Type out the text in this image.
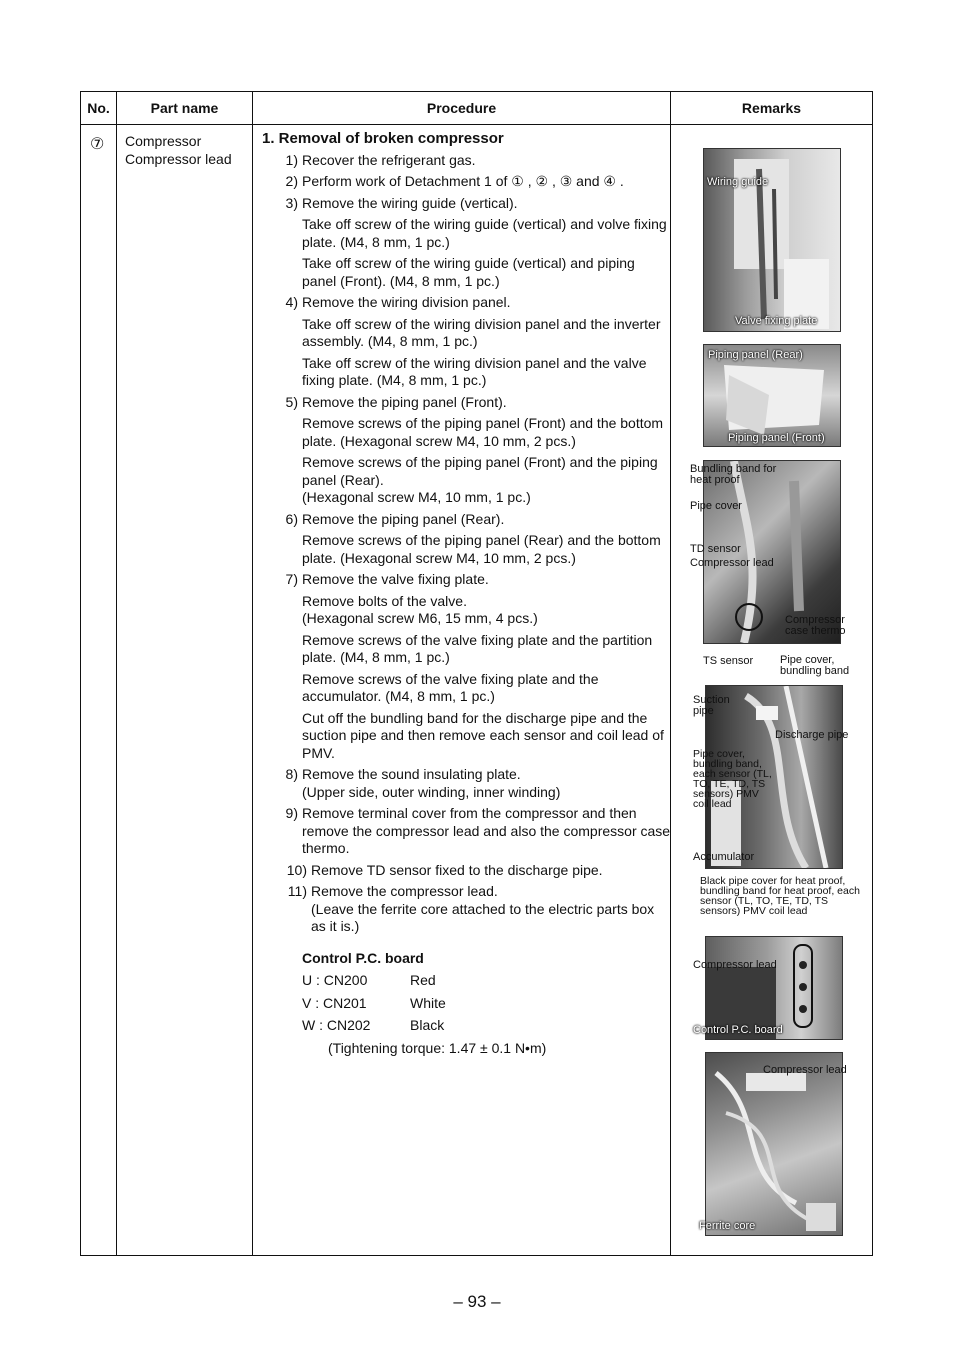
No.	Part name	Procedure	Remarks
⑦ Compressor
Compressor lead
1. Removal of broken compressor
1) Recover the refrigerant gas.
2) Perform work of Detachment 1 of ① , ② , ③ and ④ .
3) Remove the wiring guide (vertical).
Take off screw of the wiring guide (vertical) and volve fixing plate. (M4, 8 mm, 1 pc.)
Take off screw of the wiring guide (vertical) and piping panel (Front). (M4, 8 mm, 1 pc.)
4) Remove the wiring division panel.
Take off screw of the wiring division panel and the inverter assembly. (M4, 8 mm, 1 pc.)
Take off screw of the wiring division panel and the valve fixing plate. (M4, 8 mm, 1 pc.)
5) Remove the piping panel (Front).
Remove screws of the piping panel (Front) and the bottom plate. (Hexagonal screw M4, 10 mm, 2 pcs.)
Remove screws of the piping panel (Front) and the piping panel (Rear).
(Hexagonal screw M4, 10 mm, 1 pc.)
6) Remove the piping panel (Rear).
Remove screws of the piping panel (Rear) and the bottom plate. (Hexagonal screw M4, 10 mm, 2 pcs.)
7) Remove the valve fixing plate.
Remove bolts of the valve.
(Hexagonal screw M6, 15 mm, 4 pcs.)
Remove screws of the valve fixing plate and the partition plate. (M4, 8 mm, 1 pc.)
Remove screws of the valve fixing plate and the accumulator. (M4, 8 mm, 1 pc.)
Cut off the bundling band for the discharge pipe and the suction pipe and then remove each sensor and coil lead of PMV.
8) Remove the sound insulating plate.
(Upper side, outer winding, inner winding)
9) Remove terminal cover from the compressor and then remove the compressor lead and also the compressor case thermo.
10) Remove TD sensor fixed to the discharge pipe.
11) Remove the compressor lead.
(Leave the ferrite core attached to the electric parts box as it is.)
Control P.C. board
U : CN200	Red
V : CN201	White
W : CN202	Black
(Tightening torque: 1.47 ± 0.1 N•m)
Wiring guide
Valve fixing plate
Piping panel (Rear)
Piping panel (Front)
Bundling band for heat proof
Pipe cover
TD sensor
Compressor lead
Compressor case thermo
TS sensor Pipe cover, bundling band
Suction pipe
Discharge pipe
Pipe cover, bundling band, each sensor (TL, TO, TE, TD, TS sensors) PMV coil lead
Accumulator
Black pipe cover for heat proof, bundling band for heat proof, each sensor (TL, TO, TE, TD, TS sensors) PMV coil lead
Compressor lead
Control P.C. board
Compressor lead
Ferrite core
– 93 –
